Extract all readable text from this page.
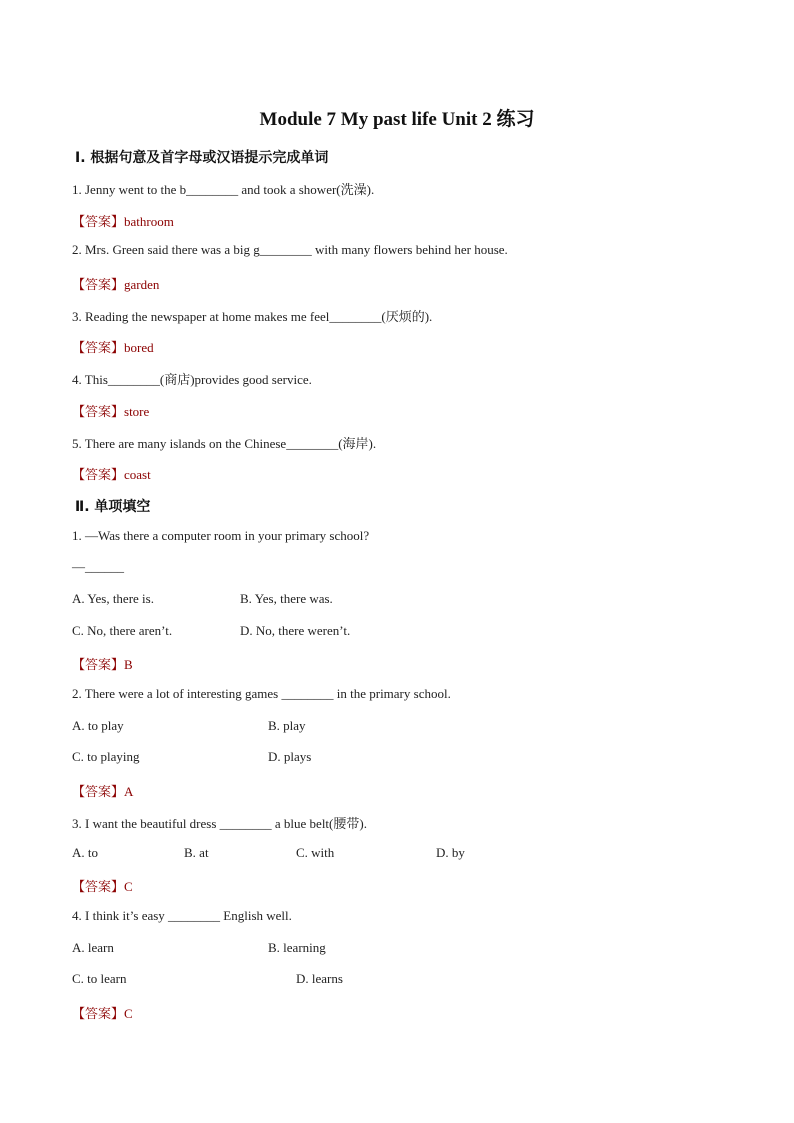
Module 7 My past life Unit 2 练习
Ⅰ. 根据句意及首字母或汉语提示完成单词
1. Jenny went to the b________ and took a shower(洗澡).
【答案】bathroom
2. Mrs. Green said there was a big g________ with many flowers behind her house.
【答案】garden
3. Reading the newspaper at home makes me feel________(厌烦的).
【答案】bored
4. This________(商店)provides good service.
【答案】store
5. There are many islands on the Chinese________(海岸).
【答案】coast
Ⅱ. 单项填空
1. —Was there a computer room in your primary school?
—______
A. Yes, there is.	B. Yes, there was.
C. No, there aren’t.	D. No, there weren’t.
【答案】B
2. There were a lot of interesting games ________ in the primary school.
A. to play	B. play
C. to playing	D. plays
【答案】A
3. I want the beautiful dress ________ a blue belt(腰带).
A. to	B. at	C. with	D. by
【答案】C
4. I think it’s easy ________ English well.
A. learn	B. learning
C. to learn	D. learns
【答案】C
